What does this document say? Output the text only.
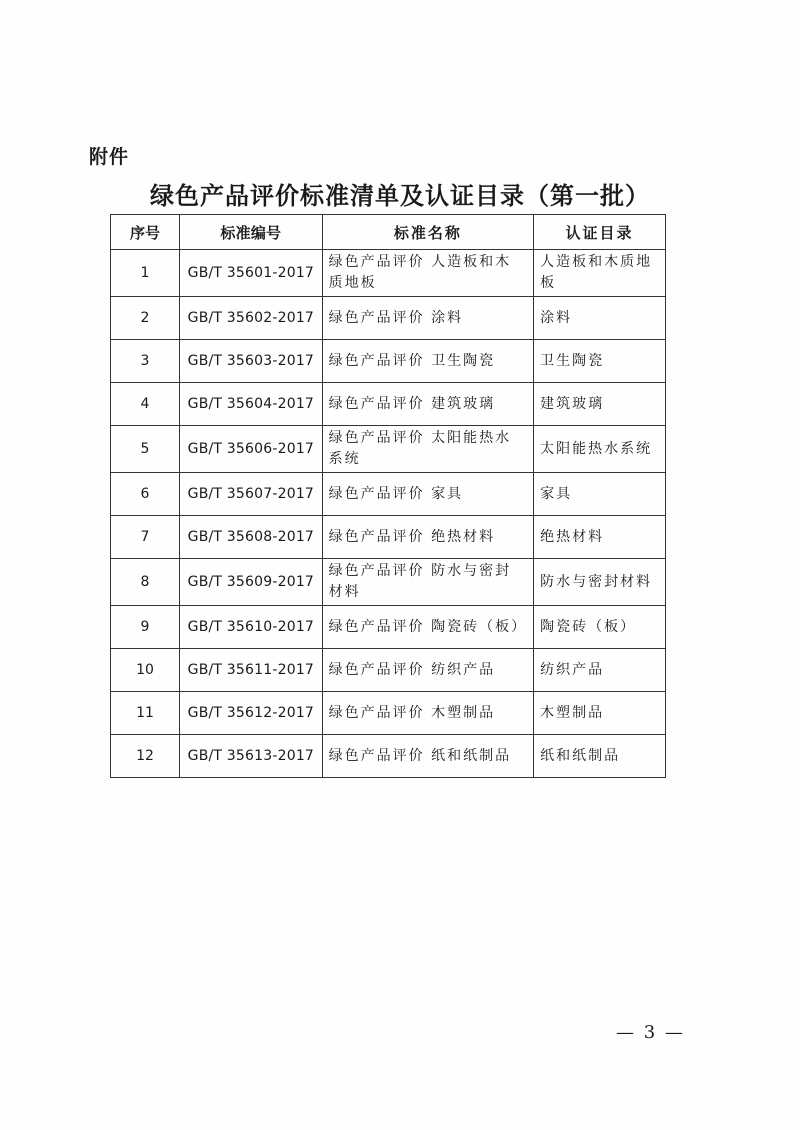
附件
绿色产品评价标准清单及认证目录（第一批）
序号	标准编号	标准名称	认证目录
1	GB/T 35601-2017	绿色产品评价 人造板和木质地板	人造板和木质地板
2	GB/T 35602-2017	绿色产品评价 涂料	涂料
3	GB/T 35603-2017	绿色产品评价 卫生陶瓷	卫生陶瓷
4	GB/T 35604-2017	绿色产品评价 建筑玻璃	建筑玻璃
5	GB/T 35606-2017	绿色产品评价 太阳能热水系统	太阳能热水系统
6	GB/T 35607-2017	绿色产品评价 家具	家具
7	GB/T 35608-2017	绿色产品评价 绝热材料	绝热材料
8	GB/T 35609-2017	绿色产品评价 防水与密封材料	防水与密封材料
9	GB/T 35610-2017	绿色产品评价 陶瓷砖（板）	陶瓷砖（板）
10	GB/T 35611-2017	绿色产品评价 纺织产品	纺织产品
11	GB/T 35612-2017	绿色产品评价 木塑制品	木塑制品
12	GB/T 35613-2017	绿色产品评价 纸和纸制品	纸和纸制品
— 3 —
